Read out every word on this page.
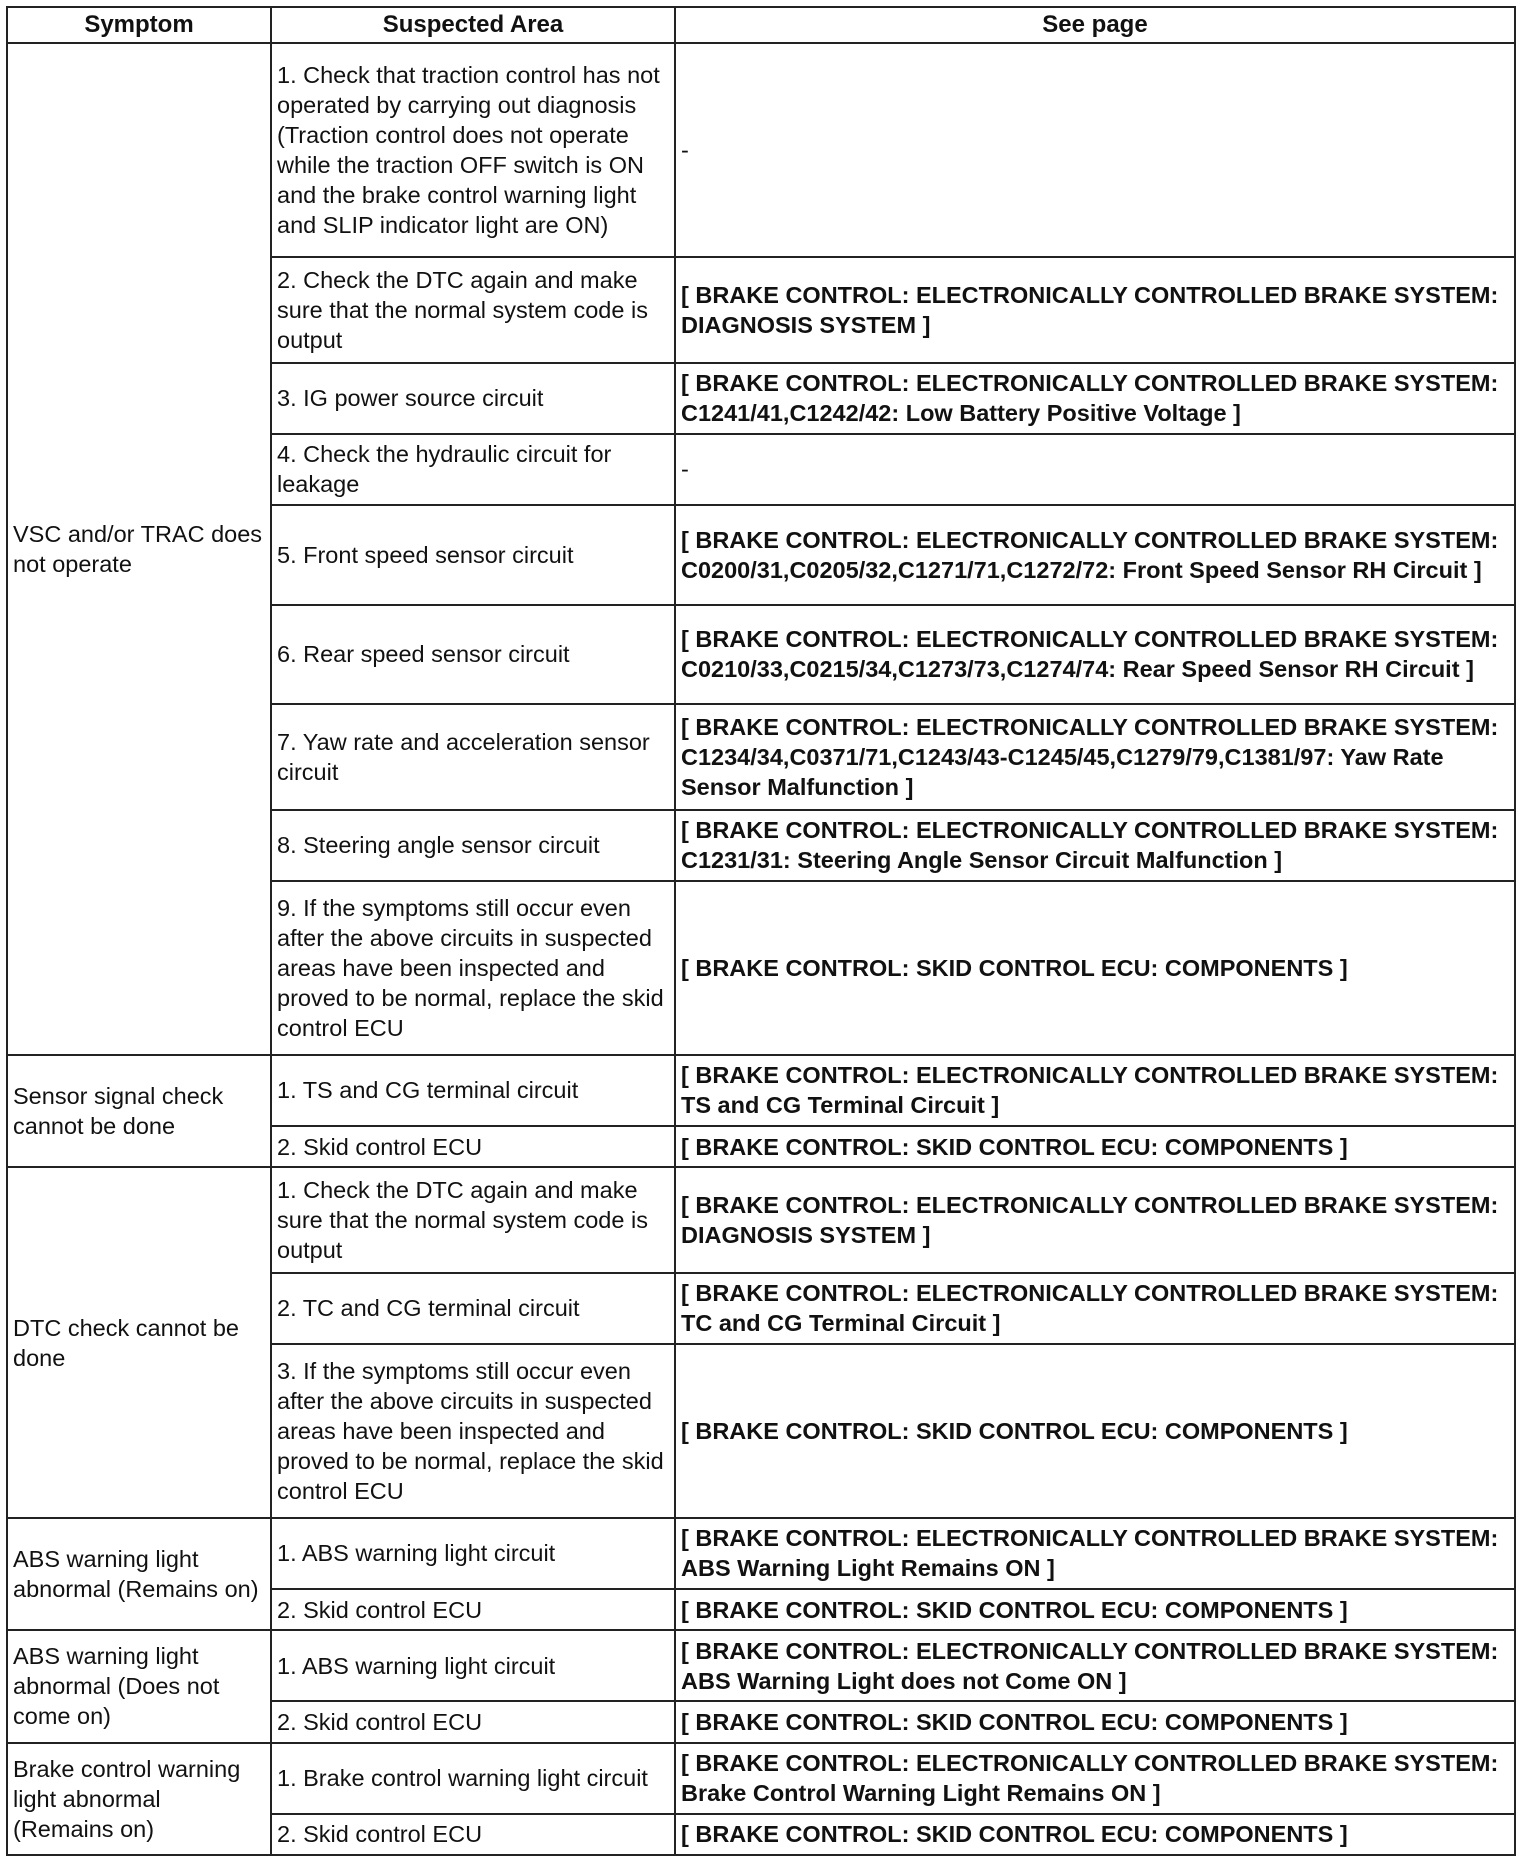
Symptom	Suspected Area	See page
VSC and/or TRAC does not operate	1. Check that traction control has not operated by carrying out diagnosis (Traction control does not operate while the traction OFF switch is ON and the brake control warning light and SLIP indicator light are ON)	-
	2. Check the DTC again and make sure that the normal system code is output	[ BRAKE CONTROL: ELECTRONICALLY CONTROLLED BRAKE SYSTEM: DIAGNOSIS SYSTEM ]
	3. IG power source circuit	[ BRAKE CONTROL: ELECTRONICALLY CONTROLLED BRAKE SYSTEM: C1241/41,C1242/42: Low Battery Positive Voltage ]
	4. Check the hydraulic circuit for leakage	-
	5. Front speed sensor circuit	[ BRAKE CONTROL: ELECTRONICALLY CONTROLLED BRAKE SYSTEM: C0200/31,C0205/32,C1271/71,C1272/72: Front Speed Sensor RH Circuit ]
	6. Rear speed sensor circuit	[ BRAKE CONTROL: ELECTRONICALLY CONTROLLED BRAKE SYSTEM: C0210/33,C0215/34,C1273/73,C1274/74: Rear Speed Sensor RH Circuit ]
	7. Yaw rate and acceleration sensor circuit	[ BRAKE CONTROL: ELECTRONICALLY CONTROLLED BRAKE SYSTEM: C1234/34,C0371/71,C1243/43-C1245/45,C1279/79,C1381/97: Yaw Rate Sensor Malfunction ]
	8. Steering angle sensor circuit	[ BRAKE CONTROL: ELECTRONICALLY CONTROLLED BRAKE SYSTEM: C1231/31: Steering Angle Sensor Circuit Malfunction ]
	9. If the symptoms still occur even after the above circuits in suspected areas have been inspected and proved to be normal, replace the skid control ECU	[ BRAKE CONTROL: SKID CONTROL ECU: COMPONENTS ]
Sensor signal check cannot be done	1. TS and CG terminal circuit	[ BRAKE CONTROL: ELECTRONICALLY CONTROLLED BRAKE SYSTEM: TS and CG Terminal Circuit ]
	2. Skid control ECU	[ BRAKE CONTROL: SKID CONTROL ECU: COMPONENTS ]
DTC check cannot be done	1. Check the DTC again and make sure that the normal system code is output	[ BRAKE CONTROL: ELECTRONICALLY CONTROLLED BRAKE SYSTEM: DIAGNOSIS SYSTEM ]
	2. TC and CG terminal circuit	[ BRAKE CONTROL: ELECTRONICALLY CONTROLLED BRAKE SYSTEM: TC and CG Terminal Circuit ]
	3. If the symptoms still occur even after the above circuits in suspected areas have been inspected and proved to be normal, replace the skid control ECU	[ BRAKE CONTROL: SKID CONTROL ECU: COMPONENTS ]
ABS warning light abnormal (Remains on)	1. ABS warning light circuit	[ BRAKE CONTROL: ELECTRONICALLY CONTROLLED BRAKE SYSTEM: ABS Warning Light Remains ON ]
	2. Skid control ECU	[ BRAKE CONTROL: SKID CONTROL ECU: COMPONENTS ]
ABS warning light abnormal (Does not come on)	1. ABS warning light circuit	[ BRAKE CONTROL: ELECTRONICALLY CONTROLLED BRAKE SYSTEM: ABS Warning Light does not Come ON ]
	2. Skid control ECU	[ BRAKE CONTROL: SKID CONTROL ECU: COMPONENTS ]
Brake control warning light abnormal (Remains on)	1. Brake control warning light circuit	[ BRAKE CONTROL: ELECTRONICALLY CONTROLLED BRAKE SYSTEM: Brake Control Warning Light Remains ON ]
	2. Skid control ECU	[ BRAKE CONTROL: SKID CONTROL ECU: COMPONENTS ]
